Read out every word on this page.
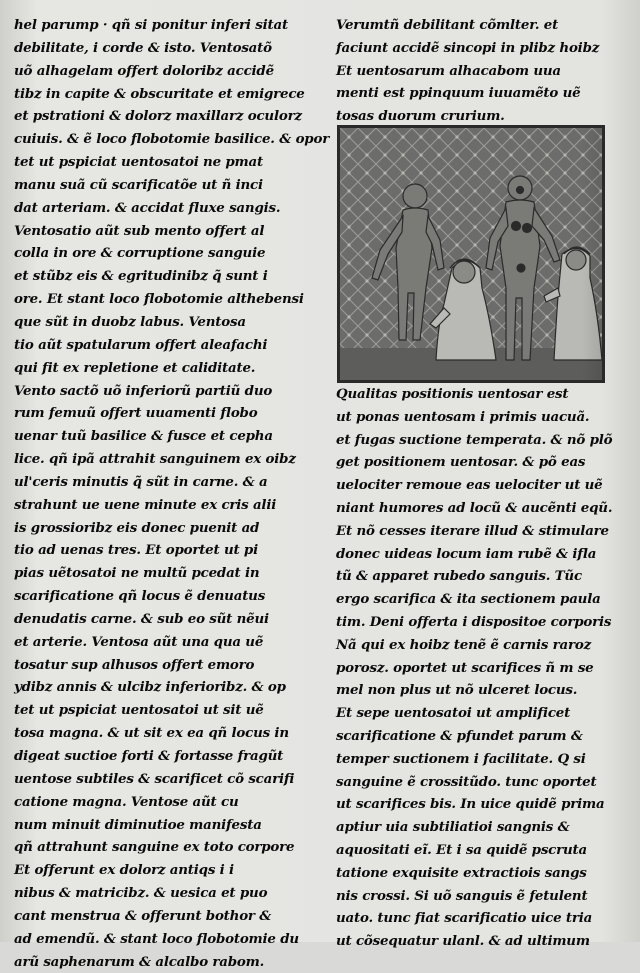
hel parump · qñ si ponitur inferi sitat
debilitate, i corde & isto. Ventosatõ
uõ alhagelam offert doloribz accidẽ
tibz in capite & obscuritate et emigrece
et pstrationi & dolorz maxillarz oculorz
cuiuis. & ẽ loco flobotomie basilice. & opor
tet ut pspiciat uentosatoi ne pmat
manu suã cũ scarificatõe ut ñ inci
dat arteriam. & accidat fluxe sangis.
Ventosatio aũt sub mento offert al
colla in ore & corruptione sanguie
et stũbz eis & egritudinibz q̃ sunt i
ore. Et stant loco flobotomie althebensi
que sũt in duobz labus. Ventosa
tio aũt spatularum offert aleafachi
qui fit ex repletione et caliditate.
Vento sactõ uõ inferiorũ partiũ duo
rum femuũ offert uuamenti flobo
uenar tuũ basilice & fusce et cepha
lice. qñ ipã attrahit sanguinem ex oibz
ul'ceris minutis q̃ sũt in carne. & a
strahunt ue uene minute ex cris alii
is grossioribz eis donec puenit ad
tio ad uenas tres. Et oportet ut pi
pias uẽtosatoi ne multũ pcedat in
scarificatione qñ locus ẽ denuatus
denudatis carne. & sub eo sũt nẽui
et arterie. Ventosa aũt una qua uẽ
tosatur sup alhusos offert emoro
ydibz annis & ulcibz inferioribz. & op
tet ut pspiciat uentosatoi ut sit uẽ
tosa magna. & ut sit ex ea qñ locus in
digeat suctioe forti & fortasse fragũt
uentose subtiles & scarificet cõ scarifi
catione magna. Ventose aũt cu
num minuit diminutioe manifesta
qñ attrahunt sanguine ex toto corpore
Et offerunt ex dolorz antiqs i i
nibus & matricibz. & uesica et puo
cant menstrua & offerunt bothor &
ad emendũ. & stant loco flobotomie du
arũ saphenarum & alcalbo rabom.
Verumtñ debilitant cõmlter. et
faciunt accidẽ sincopi in plibz hoibz
Et uentosarum alhacabom uua
menti est ppinquum iuuamẽto uẽ
tosas duorum crurium.
Qualitas positionis uentosar est
ut ponas uentosam i primis uacuã.
et fugas suctione temperata. & nõ plõ
get positionem uentosar. & põ eas
uelociter remoue eas uelociter ut uẽ
niant humores ad locũ & aucẽnti eqũ.
Et nõ cesses iterare illud & stimulare
donec uideas locum iam rubẽ & ifla
tũ & apparet rubedo sanguis. Tũc
ergo scarifica & ita sectionem paula
tim. Deni offerta i dispositoe corporis
Nã qui ex hoibz tenẽ ẽ carnis raroz
porosz. oportet ut scarifices ñ m se
mel non plus ut nõ ulceret locus.
Et sepe uentosatoi ut amplificet
scarificatione & pfundet parum &
temper suctionem i facilitate. Q si
sanguine ẽ crossitũdo. tunc oportet
ut scarifices bis. In uice quidẽ prima
aptiur uia subtiliatioi sangnis &
aquositati eĩ. Et i sa quidẽ pscruta
tatione exquisite extractiois sangs
nis crossi. Si uõ sanguis ẽ fetulent
uato. tunc fiat scarificatio uice tria
ut cõsequatur ulanl. & ad ultimum
